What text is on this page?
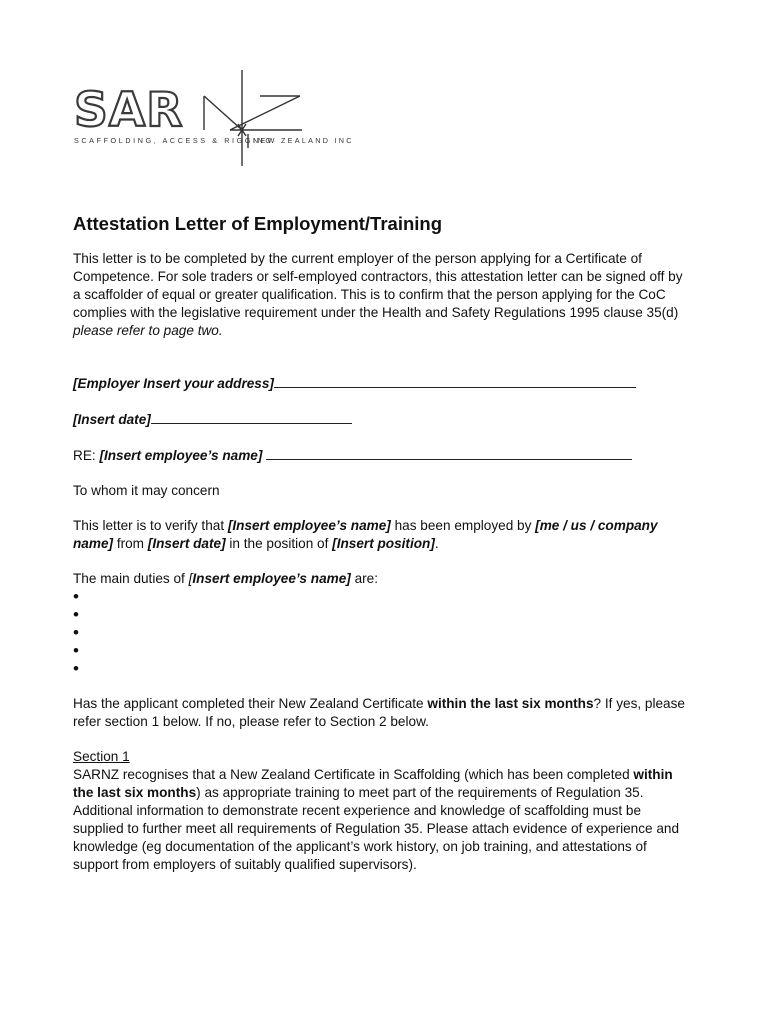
SAR
SCAFFOLDING, ACCESS & RIGGING
NEW ZEALAND INC
Attestation Letter of Employment/Training

This letter is to be completed by the current employer of the person applying for a Certificate of Competence. For sole traders or self-employed contractors, this attestation letter can be signed off by a scaffolder of equal or greater qualification. This is to confirm that the person applying for the CoC complies with the legislative requirement under the Health and Safety Regulations 1995 clause 35(d) please refer to page two.

[Employer Insert your address]

[Insert date]

RE: [Insert employee’s name]

To whom it may concern

This letter is to verify that [Insert employee’s name] has been employed by [me / us / company name] from [Insert date] in the position of [Insert position].

The main duties of [Insert employee’s name] are:

•
•
•
•
•

Has the applicant completed their New Zealand Certificate within the last six months? If yes, please refer section 1 below. If no, please refer to Section 2 below.

Section 1

SARNZ recognises that a New Zealand Certificate in Scaffolding (which has been completed within the last six months) as appropriate training to meet part of the requirements of Regulation 35. Additional information to demonstrate recent experience and knowledge of scaffolding must be supplied to further meet all requirements of Regulation 35. Please attach evidence of experience and knowledge (eg documentation of the applicant’s work history, on job training, and attestations of support from employers of suitably qualified supervisors).
